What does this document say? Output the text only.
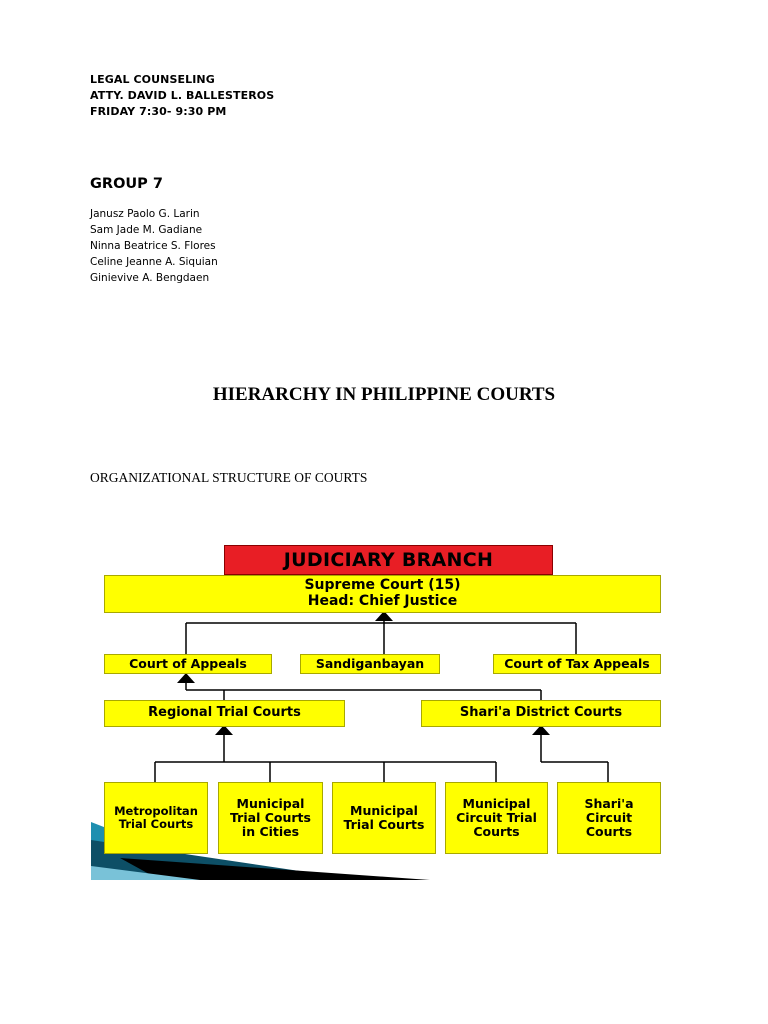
LEGAL COUNSELING
ATTY. DAVID L. BALLESTEROS
FRIDAY 7:30- 9:30 PM
GROUP 7
Janusz Paolo G. Larin
Sam Jade M. Gadiane
Ninna Beatrice S. Flores
Celine Jeanne A. Siquian
Ginievive A. Bengdaen
HIERARCHY IN PHILIPPINE COURTS
ORGANIZATIONAL STRUCTURE OF COURTS
JUDICIARY BRANCH
Supreme Court (15)
Head: Chief Justice
Court of Appeals	Sandiganbayan	Court of Tax Appeals
Regional Trial Courts	Shari'a District Courts
Metropolitan
Trial Courts
Municipal
Trial Courts
in Cities
Municipal
Trial Courts
Municipal
Circuit Trial
Courts
Shari'a
Circuit
Courts
